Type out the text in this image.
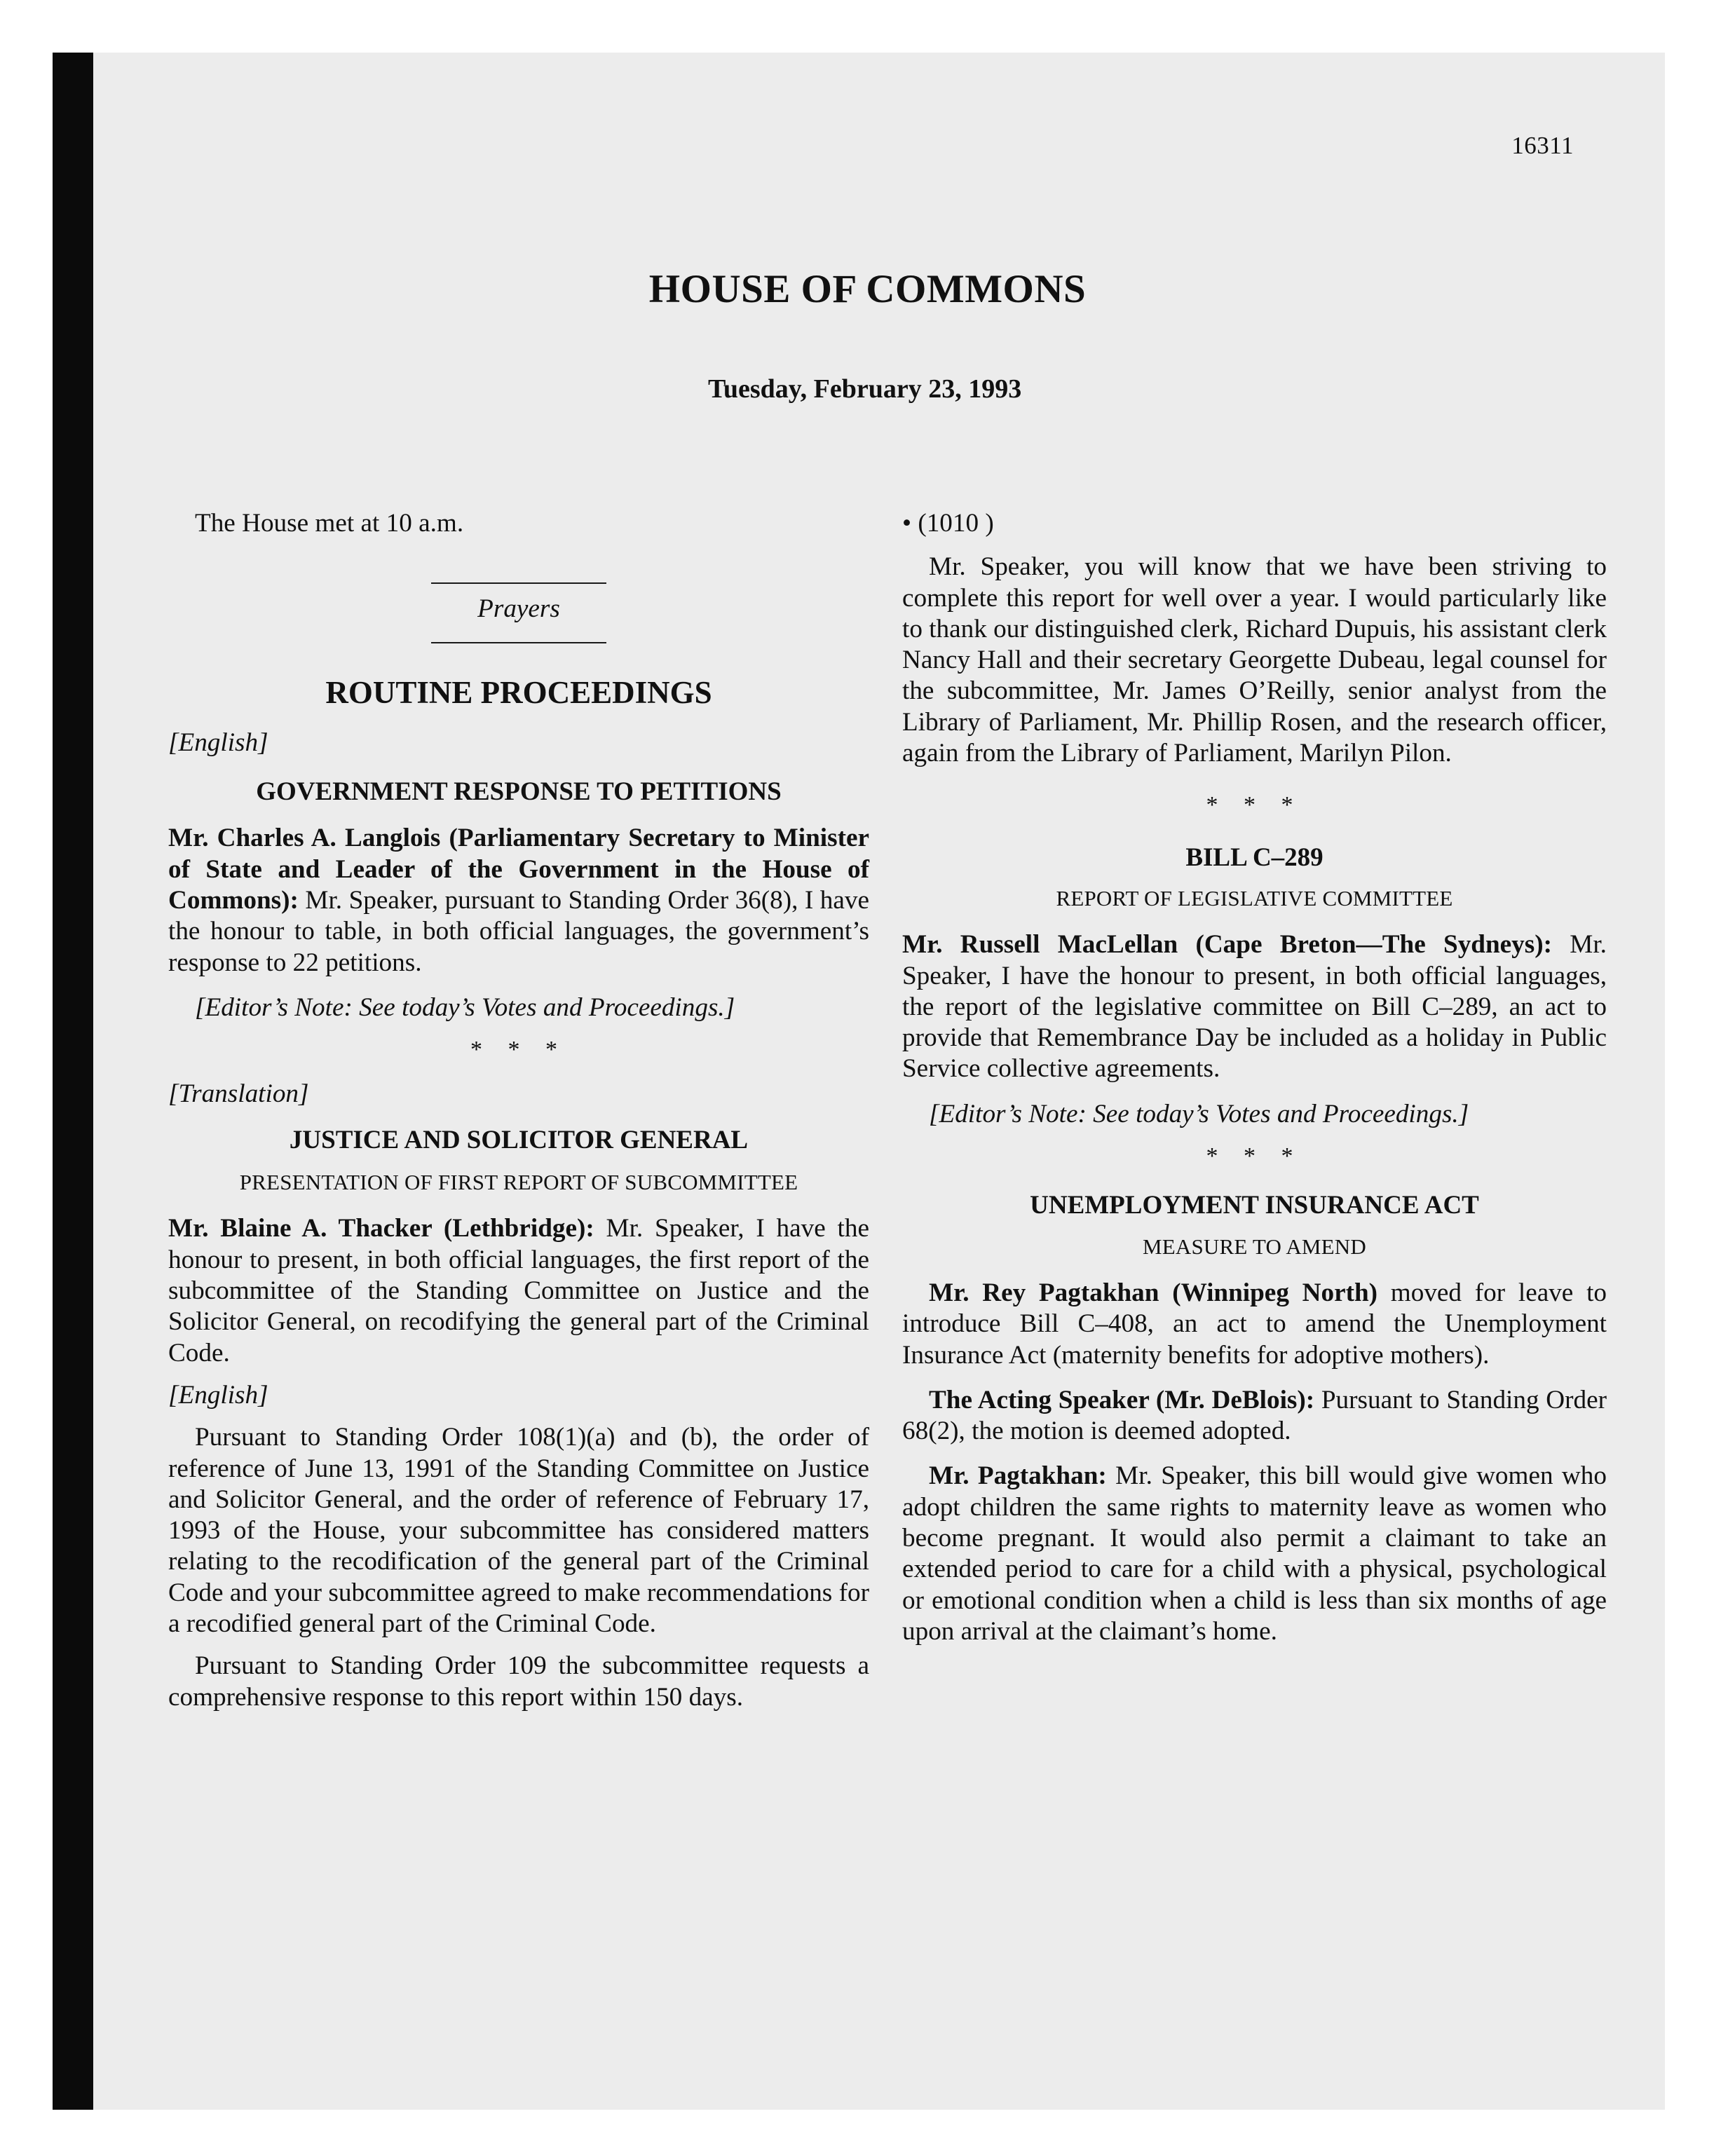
16311
HOUSE OF COMMONS
Tuesday, February 23, 1993

The House met at 10 a.m.

Prayers

ROUTINE PROCEEDINGS

[English]

GOVERNMENT RESPONSE TO PETITIONS

Mr. Charles A. Langlois (Parliamentary Secretary to Minister of State and Leader of the Government in the House of Commons): Mr. Speaker, pursuant to Standing Order 36(8), I have the honour to table, in both official languages, the government’s response to 22 petitions.

[Editor’s Note: See today’s Votes and Proceedings.]

* * *

[Translation]

JUSTICE AND SOLICITOR GENERAL

PRESENTATION OF FIRST REPORT OF SUBCOMMITTEE

Mr. Blaine A. Thacker (Lethbridge): Mr. Speaker, I have the honour to present, in both official languages, the first report of the subcommittee of the Standing Committee on Justice and the Solicitor General, on recodifying the general part of the Criminal Code.

[English]

Pursuant to Standing Order 108(1)(a) and (b), the order of reference of June 13, 1991 of the Standing Committee on Justice and Solicitor General, and the order of reference of February 17, 1993 of the House, your subcommittee has considered matters relating to the recodification of the general part of the Criminal Code and your subcommittee agreed to make recommendations for a recodified general part of the Criminal Code.

Pursuant to Standing Order 109 the subcommittee requests a comprehensive response to this report within 150 days.

• (1010 )

Mr. Speaker, you will know that we have been striving to complete this report for well over a year. I would particularly like to thank our distinguished clerk, Richard Dupuis, his assistant clerk Nancy Hall and their secretary Georgette Dubeau, legal counsel for the subcommittee, Mr. James O’Reilly, senior analyst from the Library of Parliament, Mr. Phillip Rosen, and the research officer, again from the Library of Parliament, Marilyn Pilon.

* * *

BILL C–289

REPORT OF LEGISLATIVE COMMITTEE

Mr. Russell MacLellan (Cape Breton—The Sydneys): Mr. Speaker, I have the honour to present, in both official languages, the report of the legislative committee on Bill C–289, an act to provide that Remembrance Day be included as a holiday in Public Service collective agreements.

[Editor’s Note: See today’s Votes and Proceedings.]

* * *

UNEMPLOYMENT INSURANCE ACT

MEASURE TO AMEND

Mr. Rey Pagtakhan (Winnipeg North) moved for leave to introduce Bill C–408, an act to amend the Unemployment Insurance Act (maternity benefits for adoptive mothers).

The Acting Speaker (Mr. DeBlois): Pursuant to Standing Order 68(2), the motion is deemed adopted.

Mr. Pagtakhan: Mr. Speaker, this bill would give women who adopt children the same rights to maternity leave as women who become pregnant. It would also permit a claimant to take an extended period to care for a child with a physical, psychological or emotional condition when a child is less than six months of age upon arrival at the claimant’s home.
